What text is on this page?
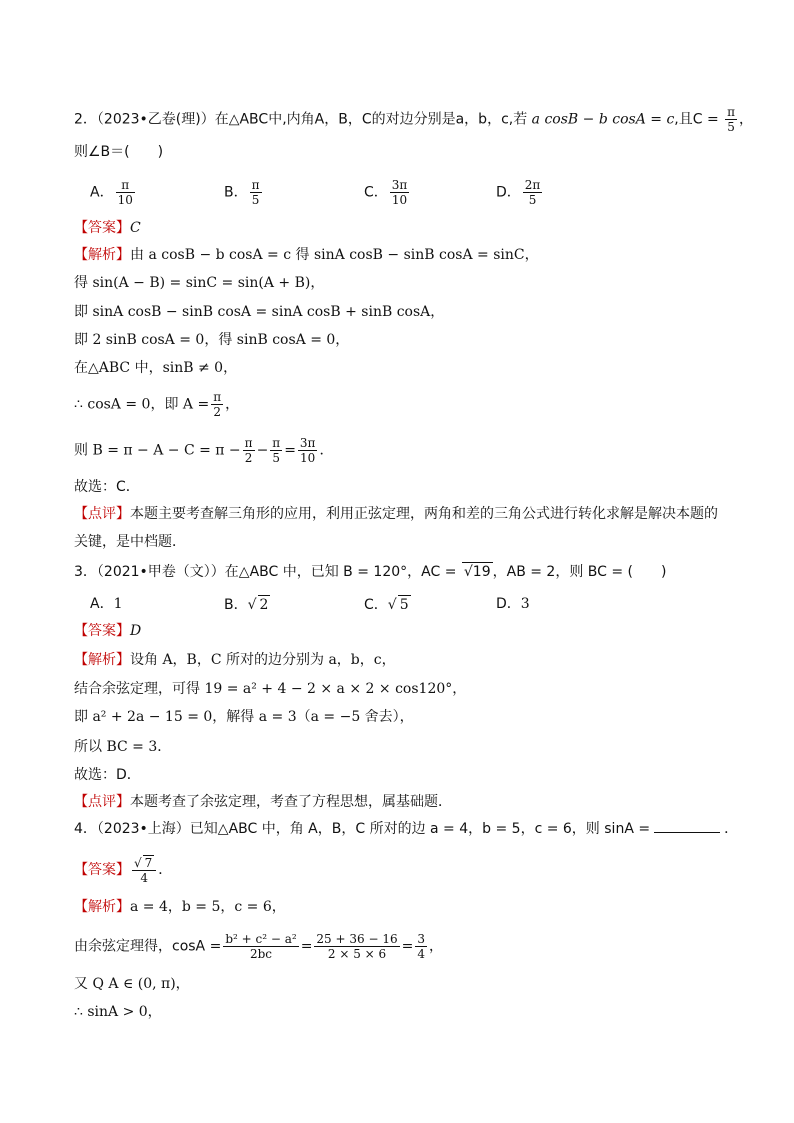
2．（2023•乙卷(理)）在△ABC中,内角A，B，C的对边分别是a，b，c,若 a cosB − b cosA = c,且$C = \frac{\pi}{5}$ ，
则∠B＝(　　)
A． $\frac{\pi}{10}$	B． $\frac{\pi}{5}$	C． $\frac{3\pi}{10}$	D． $\frac{2\pi}{5}$
【答案】C
【解析】由 a cosB − b cosA = c 得 sinA cosB − sinB cosA = sinC，
得 sin(A − B) = sinC = sin(A + B)，
即 sinA cosB − sinB cosA = sinA cosB + sinB cosA，
即 2 sinB cosA = 0，得 sinB cosA = 0，
在△ABC 中，sinB ≠ 0，
∴ cosA = 0，即 $A = \frac{\pi}{2}$ ，
则 $B = \pi - A - C = \pi - \frac{\pi}{2} - \frac{\pi}{5} = \frac{3\pi}{10}$ ．
故选：C．
【点评】本题主要考查解三角形的应用，利用正弦定理，两角和差的三角公式进行转化求解是解决本题的
关键，是中档题．
3．（2021•甲卷（文））在△ABC 中，已知 B = 120°，AC = √19 ，AB = 2，则 BC = (　　)
A．1	B．√ 2	C．√ 5	D．3
【答案】D
【解析】设角 A，B，C 所对的边分别为 a，b，c，
结合余弦定理，可得 19 = a² + 4 − 2 × a × 2 × cos120°，
即 a² + 2a − 15 = 0，解得 a = 3（a = −5 舍去），
所以 BC = 3．
故选：D．
【点评】本题考查了余弦定理，考查了方程思想，属基础题．
4．（2023•上海）已知△ABC 中，角 A，B，C 所对的边 a = 4，b = 5，c = 6，则 sinA =	．
【答案】 $\frac{√ 7}{4}$ ．
【解析】a = 4，b = 5，c = 6，
由余弦定理得，$\cos A = \frac{\text{b² + c² − a²}}{2bc} = \frac{25 + 36 - 16}{2 \times 5 \times 6} = \frac{3}{4}$ ，
又 Q A ∈ (0, π)，
∴ sinA > 0，
